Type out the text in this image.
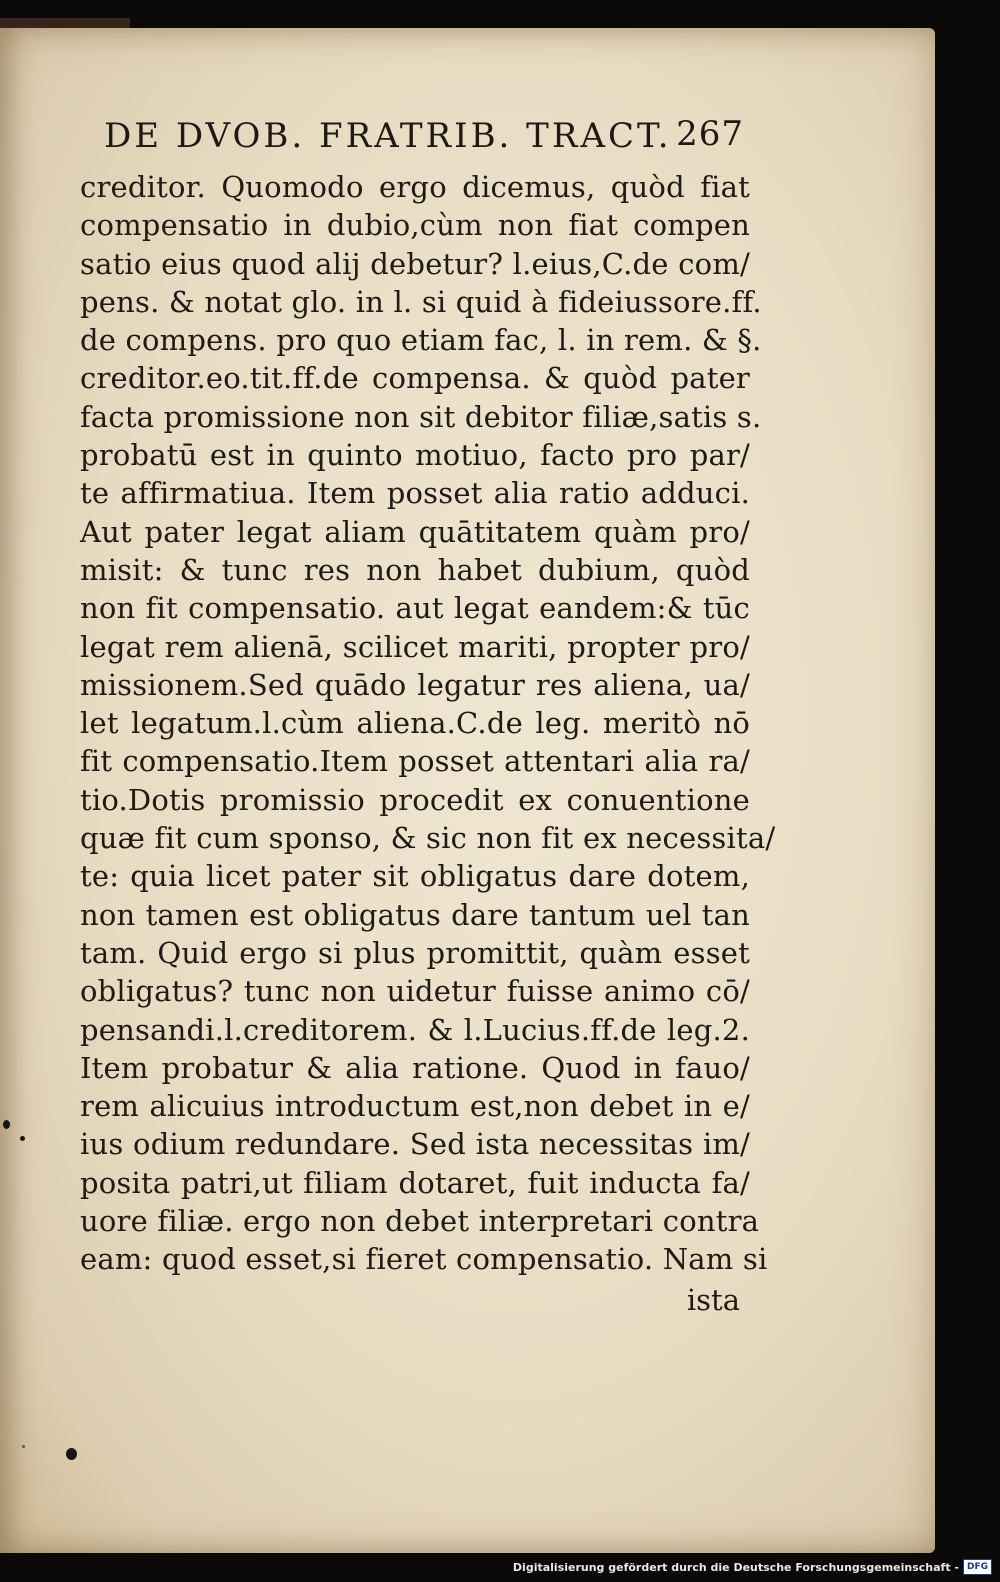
DE DVOB. FRATRIB. TRACT. 267
creditor. Quomodo ergo dicemus, quòd fiat
compensatio in dubio,cùm non fiat compen
satio eius quod alij debetur? l.eius,C.de com/
pens. & notat glo. in l. si quid à fideiussore.ff.
de compens. pro quo etiam fac, l. in rem. & §.
creditor.eo.tit.ff.de compensa. & quòd pater
facta promissione non sit debitor filiæ,satis s.
probatū est in quinto motiuo, facto pro par/
te affirmatiua. Item posset alia ratio adduci.
Aut pater legat aliam quātitatem quàm pro/
misit: & tunc res non habet dubium, quòd
non fit compensatio. aut legat eandem:& tūc
legat rem alienā, scilicet mariti, propter pro/
missionem.Sed quādo legatur res aliena, ua/
let legatum.l.cùm aliena.C.de leg. meritò nō
fit compensatio.Item posset attentari alia ra/
tio.Dotis promissio procedit ex conuentione
quæ fit cum sponso, & sic non fit ex necessita/
te: quia licet pater sit obligatus dare dotem,
non tamen est obligatus dare tantum uel tan
tam. Quid ergo si plus promittit, quàm esset
obligatus? tunc non uidetur fuisse animo cō/
pensandi.l.creditorem. & l.Lucius.ff.de leg.2.
Item probatur & alia ratione. Quod in fauo/
rem alicuius introductum est,non debet in e/
ius odium redundare. Sed ista necessitas im/
posita patri,ut filiam dotaret, fuit inducta fa/
uore filiæ. ergo non debet interpretari contra
eam: quod esset,si fieret compensatio. Nam si
ista
Digitalisierung gefördert durch die Deutsche Forschungsgemeinschaft - DFG
